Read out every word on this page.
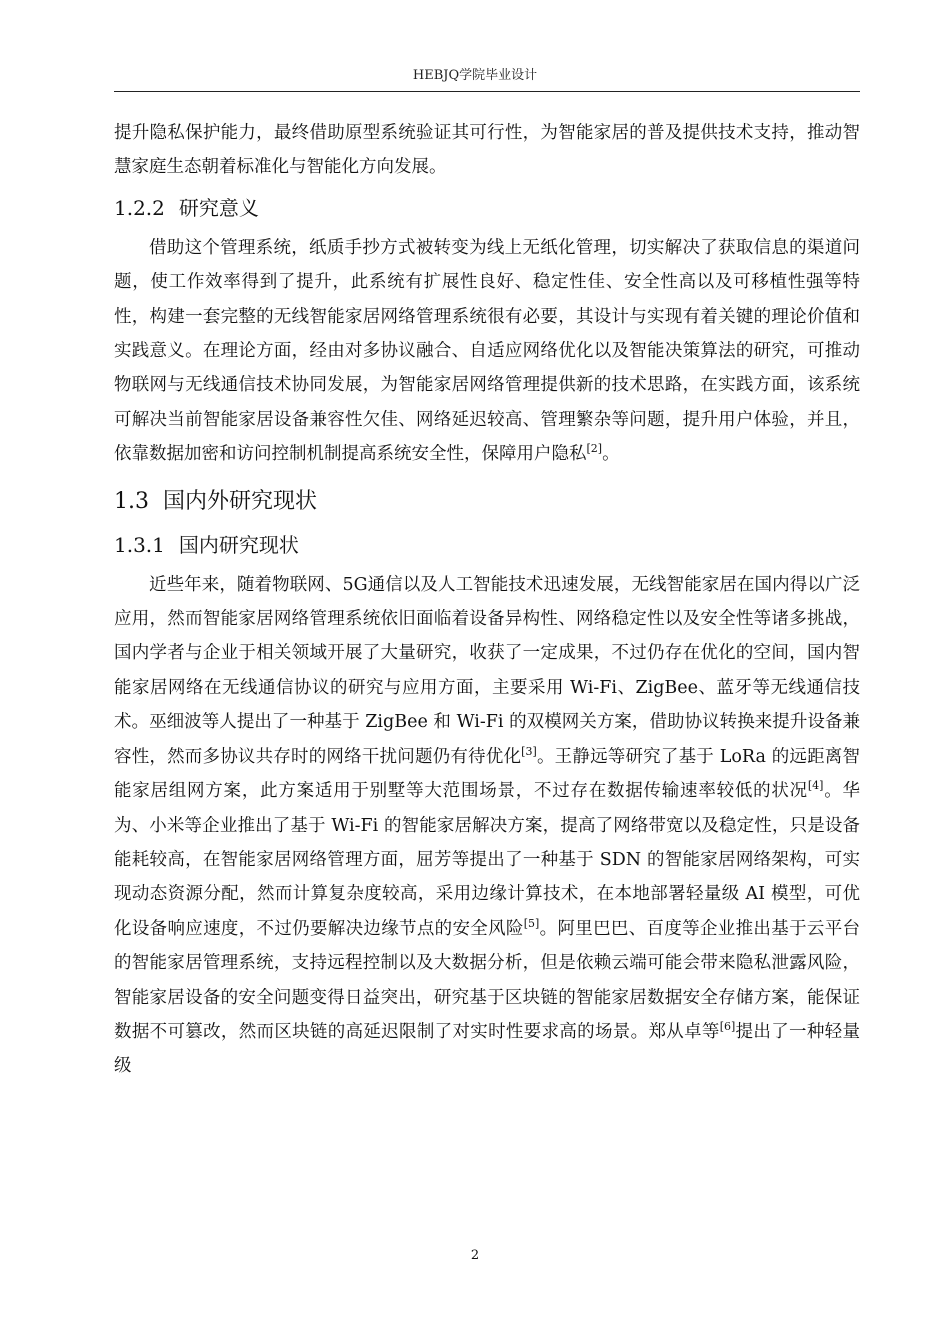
HEBJQ学院毕业设计

提升隐私保护能力，最终借助原型系统验证其可行性，为智能家居的普及提供技术支持，推动智慧家庭生态朝着标准化与智能化方向发展。

1.2.2 研究意义

借助这个管理系统，纸质手抄方式被转变为线上无纸化管理，切实解决了获取信息的渠道问题，使工作效率得到了提升，此系统有扩展性良好、稳定性佳、安全性高以及可移植性强等特性，构建一套完整的无线智能家居网络管理系统很有必要，其设计与实现有着关键的理论价值和实践意义。在理论方面，经由对多协议融合、自适应网络优化以及智能决策算法的研究，可推动物联网与无线通信技术协同发展，为智能家居网络管理提供新的技术思路，在实践方面，该系统可解决当前智能家居设备兼容性欠佳、网络延迟较高、管理繁杂等问题，提升用户体验，并且，依靠数据加密和访问控制机制提高系统安全性，保障用户隐私[2]。

1.3 国内外研究现状
1.3.1 国内研究现状

近些年来，随着物联网、5G通信以及人工智能技术迅速发展，无线智能家居在国内得以广泛应用，然而智能家居网络管理系统依旧面临着设备异构性、网络稳定性以及安全性等诸多挑战，国内学者与企业于相关领域开展了大量研究，收获了一定成果，不过仍存在优化的空间，国内智能家居网络在无线通信协议的研究与应用方面，主要采用 Wi-Fi、ZigBee、蓝牙等无线通信技术。巫细波等人提出了一种基于 ZigBee 和 Wi-Fi 的双模网关方案，借助协议转换来提升设备兼容性，然而多协议共存时的网络干扰问题仍有待优化[3]。王静远等研究了基于 LoRa 的远距离智能家居组网方案，此方案适用于别墅等大范围场景，不过存在数据传输速率较低的状况[4]。华为、小米等企业推出了基于 Wi-Fi 的智能家居解决方案，提高了网络带宽以及稳定性，只是设备能耗较高，在智能家居网络管理方面，屈芳等提出了一种基于 SDN 的智能家居网络架构，可实现动态资源分配，然而计算复杂度较高，采用边缘计算技术，在本地部署轻量级 AI 模型，可优化设备响应速度，不过仍要解决边缘节点的安全风险[5]。阿里巴巴、百度等企业推出基于云平台的智能家居管理系统，支持远程控制以及大数据分析，但是依赖云端可能会带来隐私泄露风险，智能家居设备的安全问题变得日益突出，研究基于区块链的智能家居数据安全存储方案，能保证数据不可篡改，然而区块链的高延迟限制了对实时性要求高的场景。郑从卓等[6]提出了一种轻量级

2
